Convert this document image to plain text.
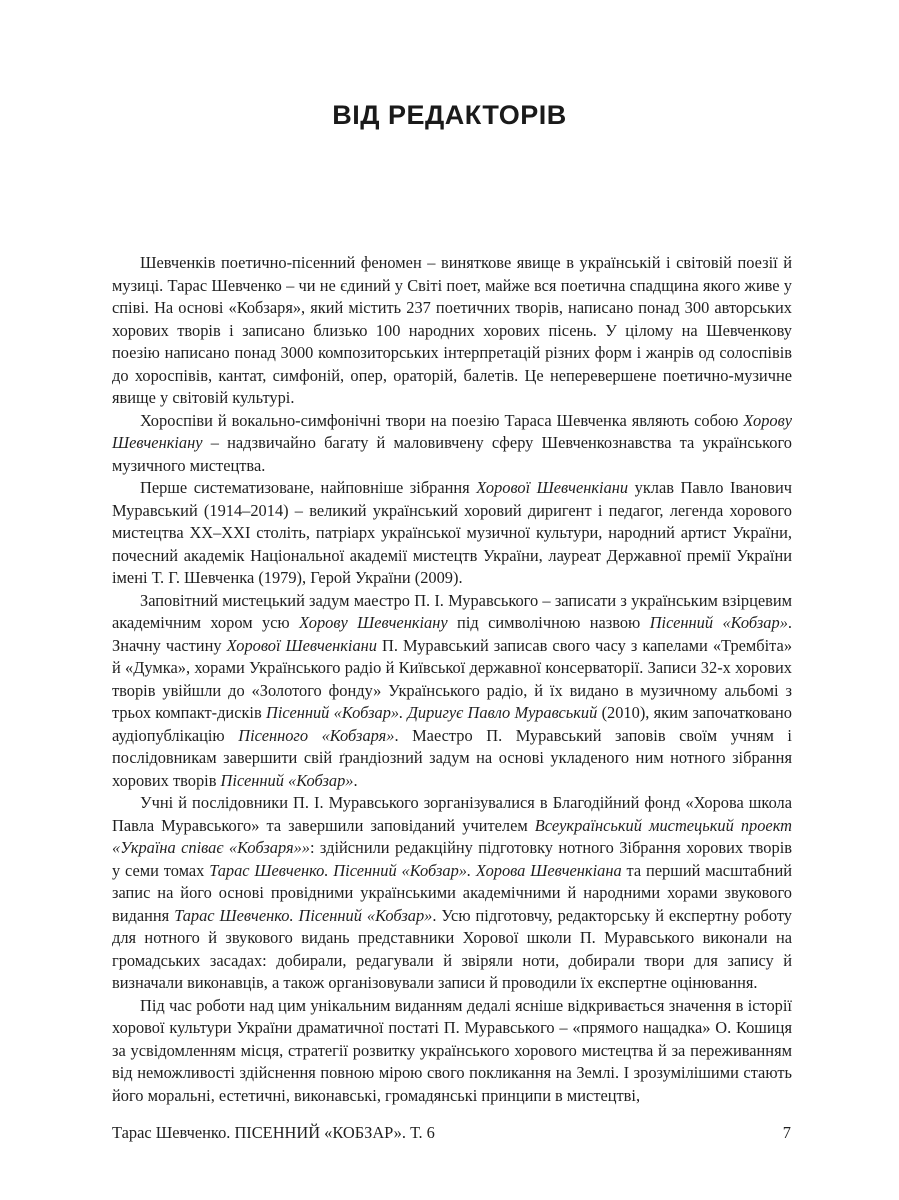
ВІД РЕДАКТОРІВ

Шевченків поетично-пісенний феномен – виняткове явище в українській і світовій поезії й музиці. Тарас Шевченко – чи не єдиний у Світі поет, майже вся поетична спадщина якого живе у співі. На основі «Кобзаря», який містить 237 поетичних творів, написано понад 300 авторських хорових творів і записано близько 100 народних хорових пісень. У цілому на Шевченкову поезію написано понад 3000 композиторських інтерпретацій різних форм і жанрів од солоспівів до хороспівів, кантат, симфоній, опер, ораторій, балетів. Це неперевершене поетично-музичне явище у світовій культурі.

Хороспіви й вокально-симфонічні твори на поезію Тараса Шевченка являють собою Хорову Шевченкіану – надзвичайно багату й маловивчену сферу Шевченкознавства та українського музичного мистецтва.

Перше систематизоване, найповніше зібрання Хорової Шевченкіани уклав Павло Іванович Муравський (1914–2014) – великий український хоровий диригент і педагог, легенда хорового мистецтва XX–XXI століть, патріарх української музичної культури, народний артист України, почесний академік Національної академії мистецтв України, лауреат Державної премії України імені Т. Г. Шевченка (1979), Герой України (2009).

Заповітний мистецький задум маестро П. І. Муравського – записати з українським взірцевим академічним хором усю Хорову Шевченкіану під символічною назвою Пісенний «Кобзар». Значну частину Хорової Шевченкіани П. Муравський записав свого часу з капелами «Трембіта» й «Думка», хорами Українського радіо й Київської державної консерваторії. Записи 32-х хорових творів увійшли до «Золотого фонду» Українського радіо, й їх видано в музичному альбомі з трьох компакт-дисків Пісенний «Кобзар». Диригує Павло Муравський (2010), яким започатковано аудіопублікацію Пісенного «Кобзаря». Маестро П. Муравський заповів своїм учням і послідовникам завершити свій ґрандіозний задум на основі укладеного ним нотного зібрання хорових творів Пісенний «Кобзар».

Учні й послідовники П. І. Муравського зорганізувалися в Благодійний фонд «Хорова школа Павла Муравського» та завершили заповіданий учителем Всеукраїнський мистецький проект «Україна співає «Кобзаря»»: здійснили редакційну підготовку нотного Зібрання хорових творів у семи томах Тарас Шевченко. Пісенний «Кобзар». Хорова Шевченкіана та перший масштабний запис на його основі провідними українськими академічними й народними хорами звукового видання Тарас Шевченко. Пісенний «Кобзар». Усю підготовчу, редакторську й експертну роботу для нотного й звукового видань представники Хорової школи П. Муравського виконали на громадських засадах: добирали, редагували й звіряли ноти, добирали твори для запису й визначали виконавців, а також організовували записи й проводили їх експертне оцінювання.

Під час роботи над цим унікальним виданням дедалі ясніше відкривається значення в історії хорової культури України драматичної постаті П. Муравського – «прямого нащадка» О. Кошиця за усвідомленням місця, стратегії розвитку українського хорового мистецтва й за переживанням від неможливості здійснення повною мірою свого покликання на Землі. І зрозумілішими стають його моральні, естетичні, виконавські, громадянські принципи в мистецтві,

Тарас Шевченко. ПІСЕННИЙ «КОБЗАР». Т. 6	7
